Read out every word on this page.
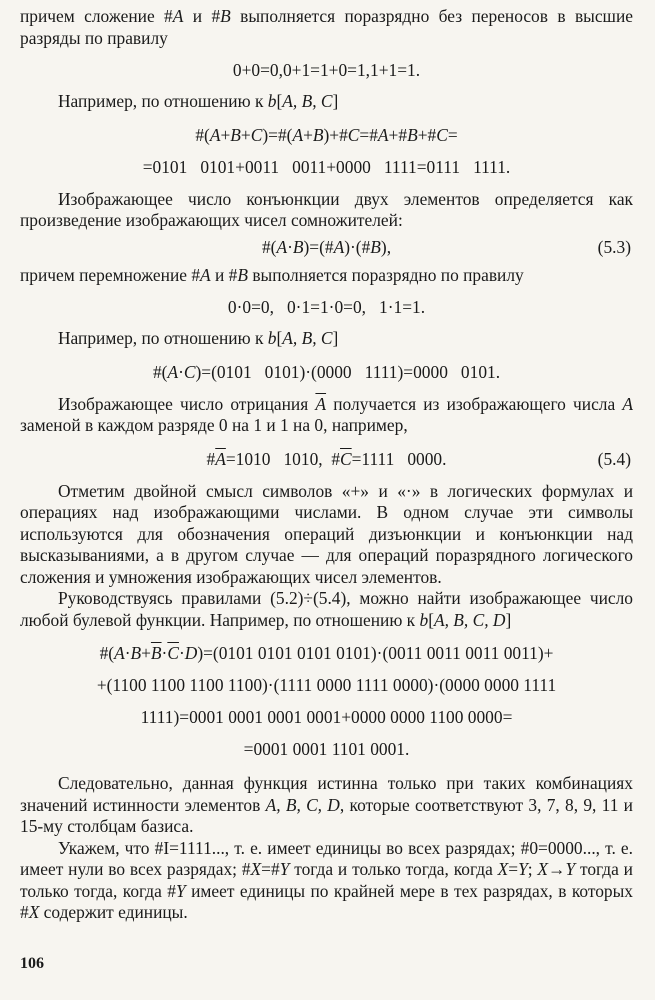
причем сложение #A и #B выполняется поразрядно без переносов в высшие разряды по правилу
0+0=0,0+1=1+0=1,1+1=1.
Например, по отношению к b[A, B, C]
#(A+B+C)=#(A+B)+#C=#A+#B+#C=
=0101   0101+0011   0011+0000   1111=0111   1111.
Изображающее число конъюнкции двух элементов определяется как произведение изображающих чисел сомножителей:
#(A·B)=(#A)·(#B),	(5.3)
причем перемножение #A и #B выполняется поразрядно по правилу
0·0=0,   0·1=1·0=0,   1·1=1.
Например, по отношению к b[A, B, C]
#(A·C)=(0101   0101)·(0000   1111)=0000   0101.
Изображающее число отрицания $\overline{A}$ получается из изображающего числа A заменой в каждом разряде 0 на 1 и 1 на 0, например,
$\#\overline{A}=1010$   1010,  $\#\overline{C}=1111$   0000.	(5.4)
Отметим двойной смысл символов «+» и «·» в логических формулах и операциях над изображающими числами. В одном случае эти символы используются для обозначения операций дизъюнкции и конъюнкции над высказываниями, а в другом случае — для операций поразрядного логического сложения и умножения изображающих чисел элементов.
Руководствуясь правилами (5.2)÷(5.4), можно найти изображающее число любой булевой функции. Например, по отношению к b[A, B, C, D]
$\#(A\cdot B+\overline{B}\cdot\overline{C}\cdot D)=(0101$ 0101 0101 0101)·(0011 0011 0011 0011)+
+(1100 1100 1100 1100)·(1111 0000 1111 0000)·(0000 0000 1111
1111)=0001 0001 0001 0001+0000 0000 1100 0000=
=0001 0001 1101 0001.
Следовательно, данная функция истинна только при таких комбинациях значений истинности элементов A, B, C, D, которые соответствуют 3, 7, 8, 9, 11 и 15-му столбцам базиса.
Укажем, что #I=1111..., т. е. имеет единицы во всех разрядах; #0=0000..., т. е. имеет нули во всех разрядах; #X=#Y тогда и только тогда, когда X=Y; X→Y тогда и только тогда, когда #Y имеет единицы по крайней мере в тех разрядах, в которых #X содержит единицы.
106
